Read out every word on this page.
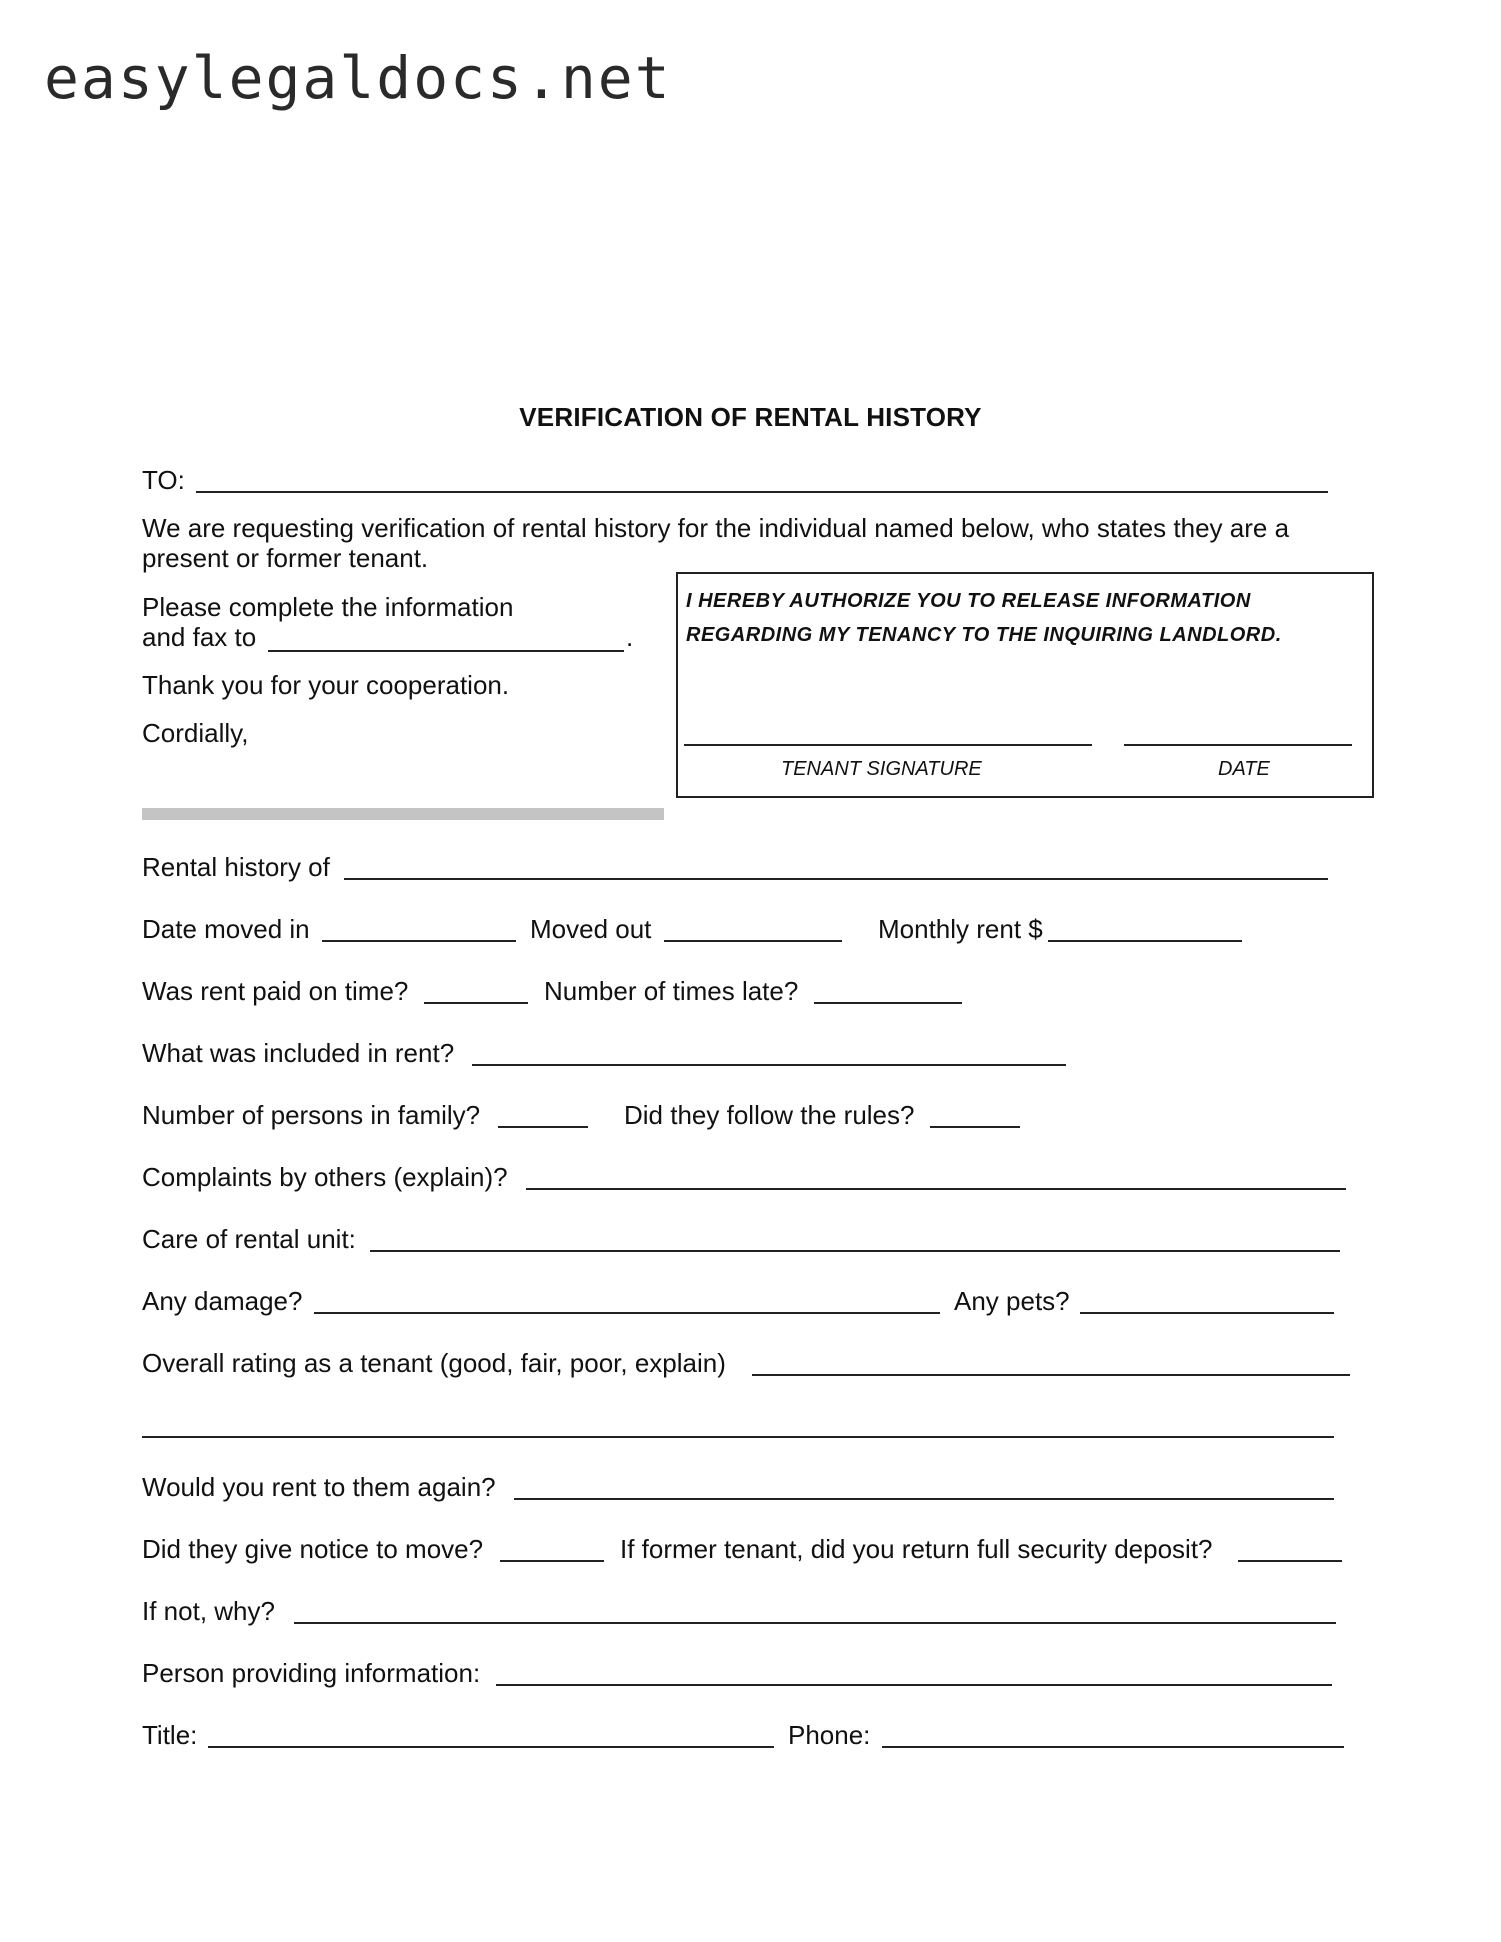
easylegaldocs.net
VERIFICATION OF RENTAL HISTORY
TO:
We are requesting verification of rental history for the individual named below, who states they are a
present or former tenant.
Please complete the information
and fax to	.
Thank you for your cooperation.
Cordially,
I HEREBY AUTHORIZE YOU TO RELEASE INFORMATION
REGARDING MY TENANCY TO THE INQUIRING LANDLORD.
TENANT SIGNATURE	DATE
Rental history of
Date moved in	Moved out	Monthly rent $
Was rent paid on time?	Number of times late?
What was included in rent?
Number of persons in family?	Did they follow the rules?
Complaints by others (explain)?
Care of rental unit:
Any damage?	Any pets?
Overall rating as a tenant (good, fair, poor, explain)
Would you rent to them again?
Did they give notice to move?	If former tenant, did you return full security deposit?
If not, why?
Person providing information:
Title:	Phone:
